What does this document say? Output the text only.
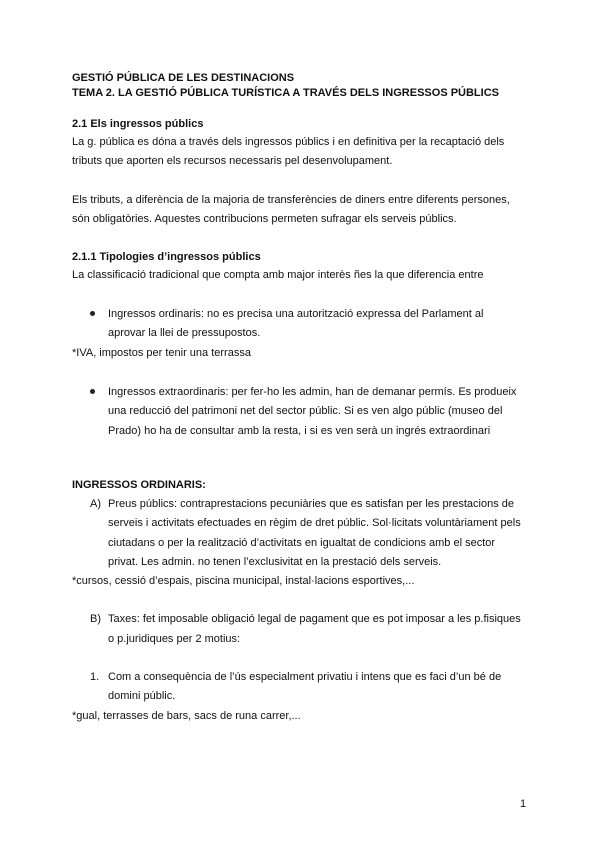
GESTIÓ PÚBLICA DE LES DESTINACIONS
TEMA 2. LA GESTIÓ PÚBLICA TURÍSTICA A TRAVÉS DELS INGRESSOS PÚBLICS
2.1 Els ingressos públics
La g. pública es dóna a través dels ingressos públics i en definitiva per la recaptació dels
tributs que aporten els recursos necessaris pel desenvolupament.
Els tributs, a diferència de la majoria de transferències de diners entre diferents persones,
són obligatòries. Aquestes contribucions permeten sufragar els serveis públics.
2.1.1 Tipologies d’ingressos públics
La classificació tradicional que compta amb major interès ñes la que diferencia entre
Ingressos ordinaris: no es precisa una autorització expressa del Parlament al
aprovar la llei de pressupostos.
*IVA, impostos per tenir una terrassa
Ingressos extraordinaris: per fer-ho les admin, han de demanar permís. Es produeix
una reducció del patrimoni net del sector públic. Si es ven algo públic (museo del
Prado) ho ha de consultar amb la resta, i si es ven serà un ingrés extraordinari
INGRESSOS ORDINARIS:
A) Preus públics: contraprestacions pecuniàries que es satisfan per les prestacions de
serveis i activitats efectuades en règim de dret públic. Sol·licitats voluntàriament pels
ciutadans o per la realització d’activitats en igualtat de condicions amb el sector
privat. Les admin. no tenen l’exclusivitat en la prestació dels serveis.
*cursos, cessió d’espais, piscina municipal, instal·lacions esportives,...
B) Taxes: fet imposable obligació legal de pagament que es pot imposar a les p.fisiques
o p.juridiques per 2 motius:
1. Com a consequència de l’ús especialment privatiu i intens que es faci d’un bé de
domini públic.
*gual, terrasses de bars, sacs de runa carrer,...
1
